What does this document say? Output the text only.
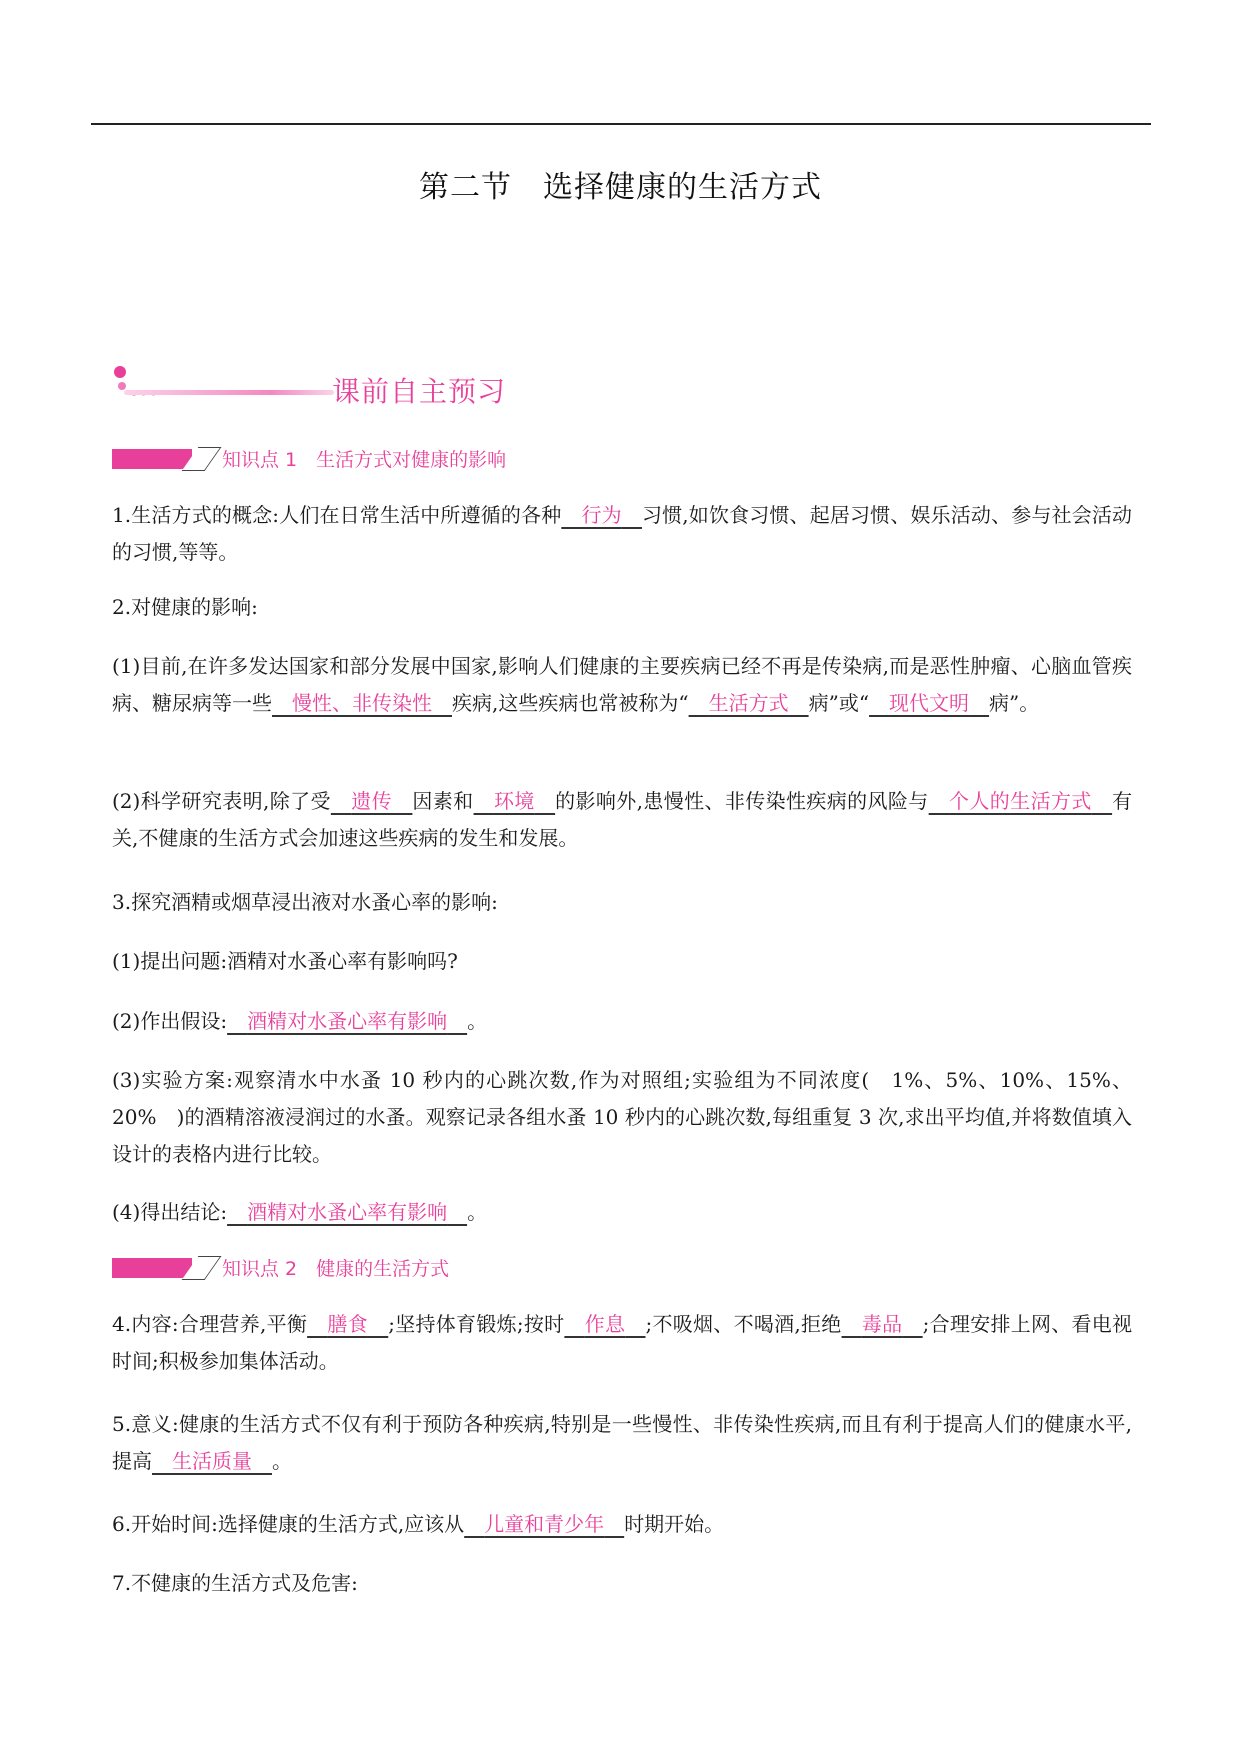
第二节　选择健康的生活方式
课前自主预习
知识点 1　生活方式对健康的影响
1.生活方式的概念:人们在日常生活中所遵循的各种　 行为　 习惯,如饮食习惯、起居习惯、娱乐活动、参与社会活动的习惯,等等。
2.对健康的影响:
(1)目前,在许多发达国家和部分发展中国家,影响人们健康的主要疾病已经不再是传染病,而是恶性肿瘤、心脑血管疾病、糖尿病等一些　 慢性、非传染性　 疾病,这些疾病也常被称为“　 生活方式　 病”或“　 现代文明　 病”。
(2)科学研究表明,除了受　 遗传　 因素和　 环境　 的影响外,患慢性、非传染性疾病的风险与　 个人的生活方式　 有关,不健康的生活方式会加速这些疾病的发生和发展。
3.探究酒精或烟草浸出液对水蚤心率的影响:
(1)提出问题:酒精对水蚤心率有影响吗?
(2)作出假设:　 酒精对水蚤心率有影响　 。
(3)实验方案:观察清水中水蚤 10 秒内的心跳次数,作为对照组;实验组为不同浓度(　1%、5%、10%、15%、20%　)的酒精溶液浸润过的水蚤。观察记录各组水蚤 10 秒内的心跳次数,每组重复 3 次,求出平均值,并将数值填入设计的表格内进行比较。
(4)得出结论:　 酒精对水蚤心率有影响　 。
知识点 2　健康的生活方式
4.内容:合理营养,平衡　 膳食　 ;坚持体育锻炼;按时　 作息　 ;不吸烟、不喝酒,拒绝　 毒品　 ;合理安排上网、看电视时间;积极参加集体活动。
5.意义:健康的生活方式不仅有利于预防各种疾病,特别是一些慢性、非传染性疾病,而且有利于提高人们的健康水平,提高　 生活质量　 。
6.开始时间:选择健康的生活方式,应该从　 儿童和青少年　 时期开始。
7.不健康的生活方式及危害:
